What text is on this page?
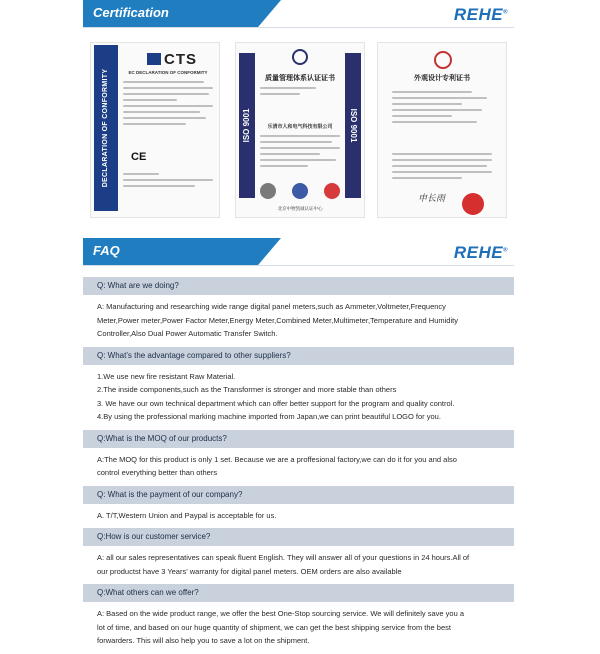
Certification	REHE®
DECLARATION OF CONFORMITY
CTS
EC DECLARATION OF CONFORMITY
CE
ISO 9001	ISO 9001
质量管理体系认证证书
乐清市人和电气科技有限公司
北京中物凯诚认证中心
外观设计专利证书
申长雨
FAQ	REHE®
Q: What are we doing?
A: Manufacturing and researching wide range digital panel meters,such as Ammeter,Voltmeter,Frequency
Meter,Power meter,Power Factor Meter,Energy Meter,Combined Meter,Multimeter,Temperature and Humidity
Controller,Also Dual Power Automatic Transfer Switch.
Q: What's the advantage compared to other suppliers?
1.We use new fire resistant Raw Material.
2.The inside components,such as the Transformer is stronger and more stable than others
3. We have our own technical department which can offer better support for the program and quality control.
4.By using the professional marking machine imported from Japan,we can print beautiful LOGO for you.
Q:What is the MOQ of our products?
A:The MOQ for this product is only 1 set. Because we are a proffesional factory,we can do it for you and also
control everything better than others
Q: What is the payment of our company?
A. T/T,Western Union and Paypal is acceptable for us.
Q:How is our customer service?
A: all our sales representatives can speak fluent English. They will answer all of your questions in 24 hours.All of
our productst have 3 Years' warranty for digital panel meters. OEM orders are also available
Q:What others can we offer?
A: Based on the wide product range, we offer the best One-Stop sourcing service. We will definitely save you a
lot of time, and based on our huge quantity of shipment, we can get the best shipping service from the best
forwarders. This will also help you to save a lot on the shipment.
